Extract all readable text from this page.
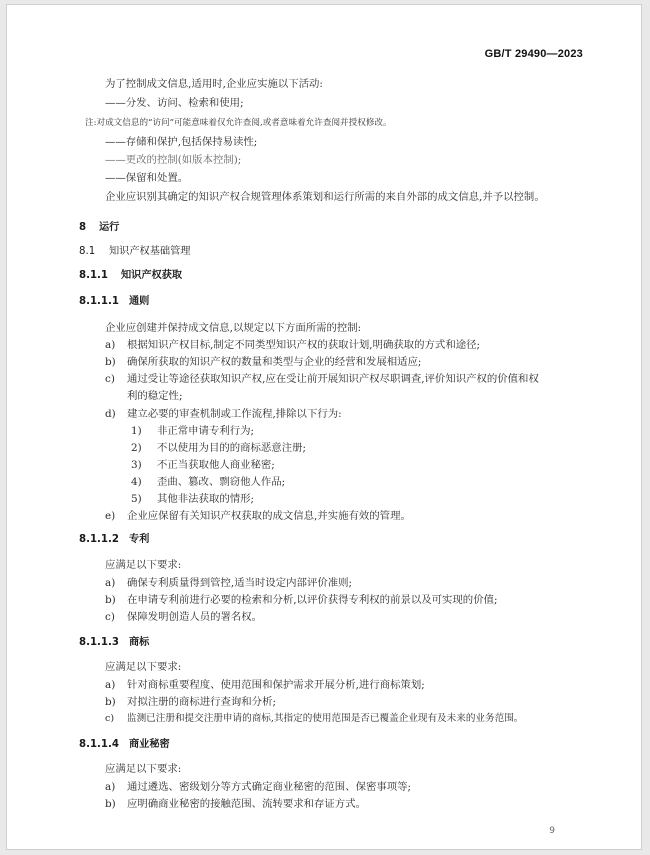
GB/T 29490—2023
为了控制成文信息,适用时,企业应实施以下活动:
——分发、访问、检索和使用;
注:对成文信息的“访问”可能意味着仅允许查阅,或者意味着允许查阅并授权修改。
——存储和保护,包括保持易读性;
——更改的控制(如版本控制);
——保留和处置。
企业应识别其确定的知识产权合规管理体系策划和运行所需的来自外部的成文信息,并予以控制。
8 运行
8.1 知识产权基础管理
8.1.1 知识产权获取
8.1.1.1 通则
企业应创建并保持成文信息,以规定以下方面所需的控制:
a) 根据知识产权目标,制定不同类型知识产权的获取计划,明确获取的方式和途径;
b) 确保所获取的知识产权的数量和类型与企业的经营和发展相适应;
c) 通过受让等途径获取知识产权,应在受让前开展知识产权尽职调查,评价知识产权的价值和权
利的稳定性;
d) 建立必要的审查机制或工作流程,排除以下行为:
1) 非正常申请专利行为;
2) 不以使用为目的的商标恶意注册;
3) 不正当获取他人商业秘密;
4) 歪曲、篡改、剽窃他人作品;
5) 其他非法获取的情形;
e) 企业应保留有关知识产权获取的成文信息,并实施有效的管理。
8.1.1.2 专利
应满足以下要求:
a) 确保专利质量得到管控,适当时设定内部评价准则;
b) 在申请专利前进行必要的检索和分析,以评价获得专利权的前景以及可实现的价值;
c) 保障发明创造人员的署名权。
8.1.1.3 商标
应满足以下要求:
a) 针对商标重要程度、使用范围和保护需求开展分析,进行商标策划;
b) 对拟注册的商标进行查询和分析;
c) 监测已注册和提交注册申请的商标,其指定的使用范围是否已覆盖企业现有及未来的业务范围。
8.1.1.4 商业秘密
应满足以下要求:
a) 通过遴选、密级划分等方式确定商业秘密的范围、保密事项等;
b) 应明确商业秘密的接触范围、流转要求和存证方式。
9
